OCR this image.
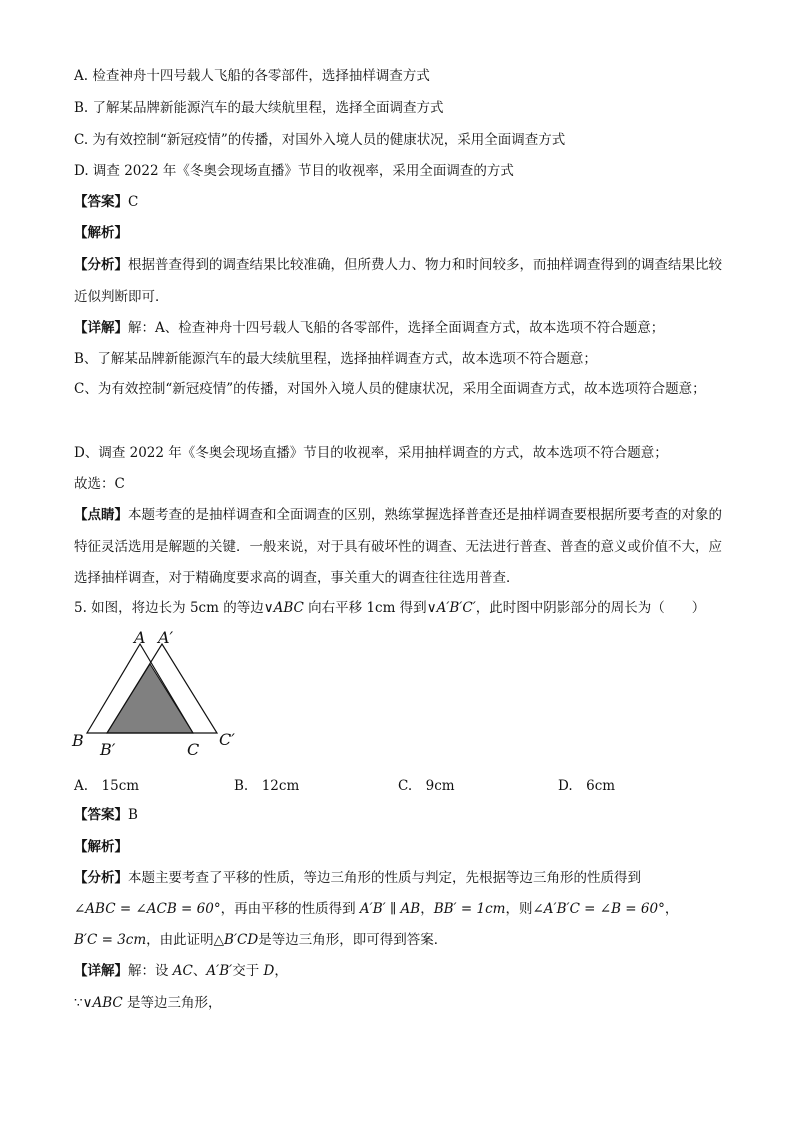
A. 检查神舟十四号载人飞船的各零部件，选择抽样调查方式
B. 了解某品牌新能源汽车的最大续航里程，选择全面调查方式
C. 为有效控制“新冠疫情”的传播，对国外入境人员的健康状况，采用全面调查方式
D. 调查 2022 年《冬奥会现场直播》节目的收视率，采用全面调查的方式
【答案】C
【解析】
【分析】根据普查得到的调查结果比较准确，但所费人力、物力和时间较多，而抽样调查得到的调查结果比较近似判断即可．
【详解】解：A、检查神舟十四号载人飞船的各零部件，选择全面调查方式，故本选项不符合题意；
B、了解某品牌新能源汽车的最大续航里程，选择抽样调查方式，故本选项不符合题意；
C、为有效控制“新冠疫情”的传播，对国外入境人员的健康状况，采用全面调查方式，故本选项符合题意；
D、调查 2022 年《冬奥会现场直播》节目的收视率，采用抽样调查的方式，故本选项不符合题意；
故选：C
【点睛】本题考查的是抽样调查和全面调查的区别，熟练掌握选择普查还是抽样调查要根据所要考查的对象的特征灵活选用是解题的关键．一般来说，对于具有破坏性的调查、无法进行普查、普查的意义或价值不大，应选择抽样调查，对于精确度要求高的调查，事关重大的调查往往选用普查．
5. 如图，将边长为 5cm 的等边∨ABC 向右平移 1cm 得到∨A′B′C′，此时图中阴影部分的周长为（　　）
A A′
B B′	C
C′
A.　15cm	B.　12cm	C.　9cm	D.　6cm
【答案】B
【解析】
【分析】本题主要考查了平移的性质，等边三角形的性质与判定，先根据等边三角形的性质得到
∠ABC = ∠ACB = 60°，再由平移的性质得到 A′B′ ∥ AB，BB′ = 1cm，则∠A′B′C = ∠B = 60°，
B′C = 3cm，由此证明△B′CD是等边三角形，即可得到答案．
【详解】解：设 AC、A′B′交于 D，
∵∨ABC 是等边三角形，
